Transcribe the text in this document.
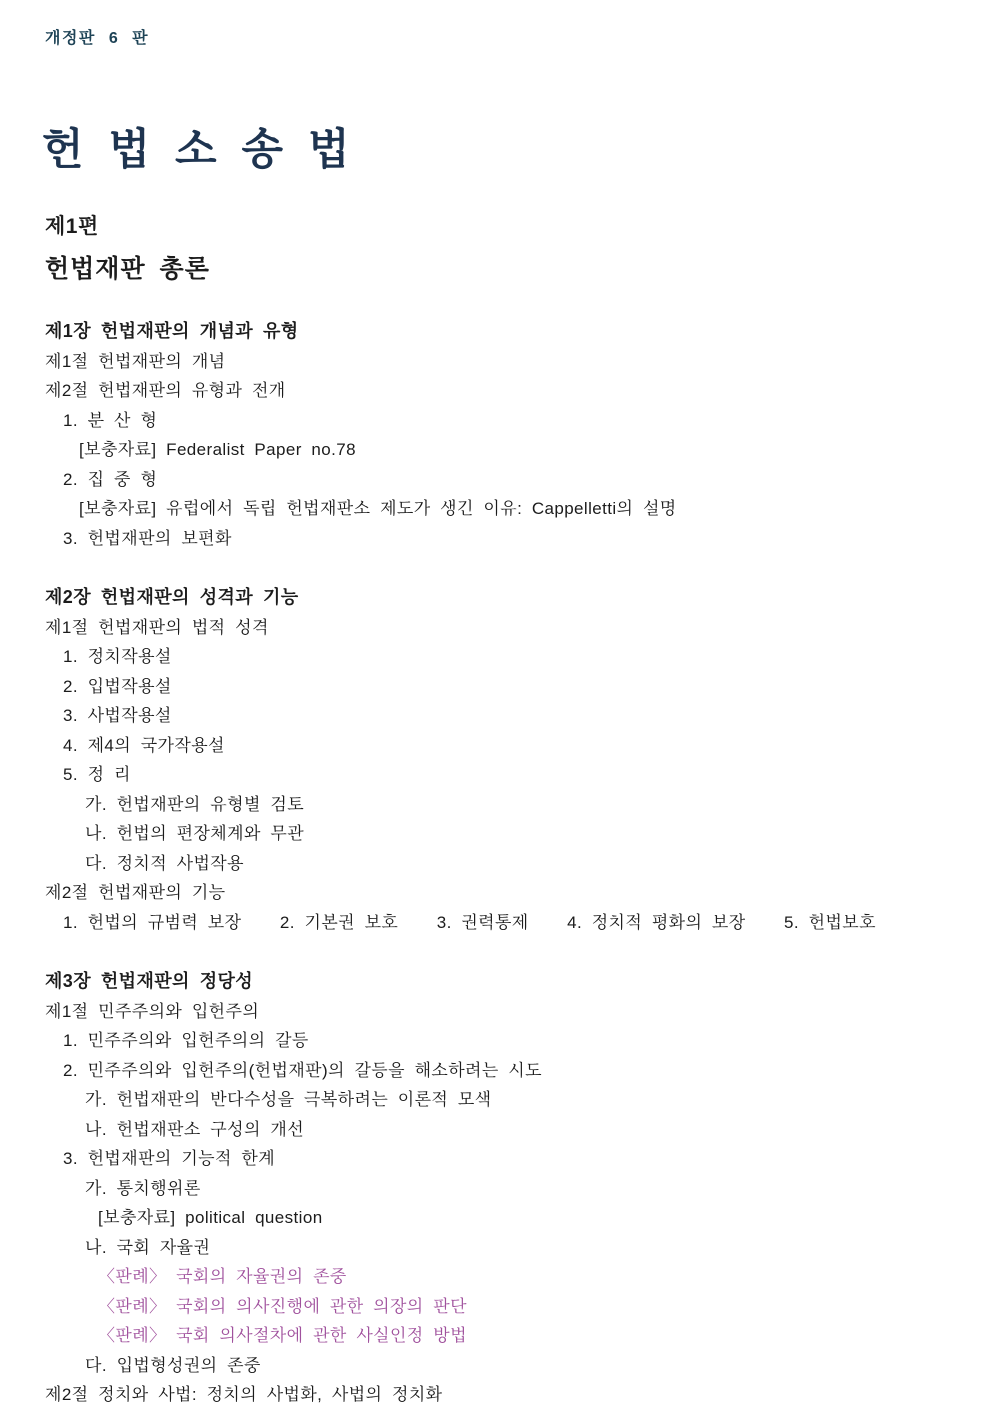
개정판 6 판
헌 법 소 송 법
제1편
헌법재판 총론
제1장 헌법재판의 개념과 유형
제1절 헌법재판의 개념
제2절 헌법재판의 유형과 전개
1. 분 산 형
[보충자료] Federalist Paper no.78
2. 집 중 형
[보충자료] 유럽에서 독립 헌법재판소 제도가 생긴 이유: Cappelletti의 설명
3. 헌법재판의 보편화
제2장 헌법재판의 성격과 기능
제1절 헌법재판의 법적 성격
1. 정치작용설
2. 입법작용설
3. 사법작용설
4. 제4의 국가작용설
5. 정 리
가. 헌법재판의 유형별 검토
나. 헌법의 편장체계와 무관
다. 정치적 사법작용
제2절 헌법재판의 기능
1. 헌법의 규범력 보장    2. 기본권 보호    3. 권력통제    4. 정치적 평화의 보장    5. 헌법보호
제3장 헌법재판의 정당성
제1절 민주주의와 입헌주의
1. 민주주의와 입헌주의의 갈등
2. 민주주의와 입헌주의(헌법재판)의 갈등을 해소하려는 시도
가. 헌법재판의 반다수성을 극복하려는 이론적 모색
나. 헌법재판소 구성의 개선
3. 헌법재판의 기능적 한계
가. 통치행위론
[보충자료] political question
나. 국회 자율권
〈판례〉 국회의 자율권의 존중
〈판례〉 국회의 의사진행에 관한 의장의 판단
〈판례〉 국회 의사절차에 관한 사실인정 방법
다. 입법형성권의 존중
제2절 정치와 사법: 정치의 사법화, 사법의 정치화
